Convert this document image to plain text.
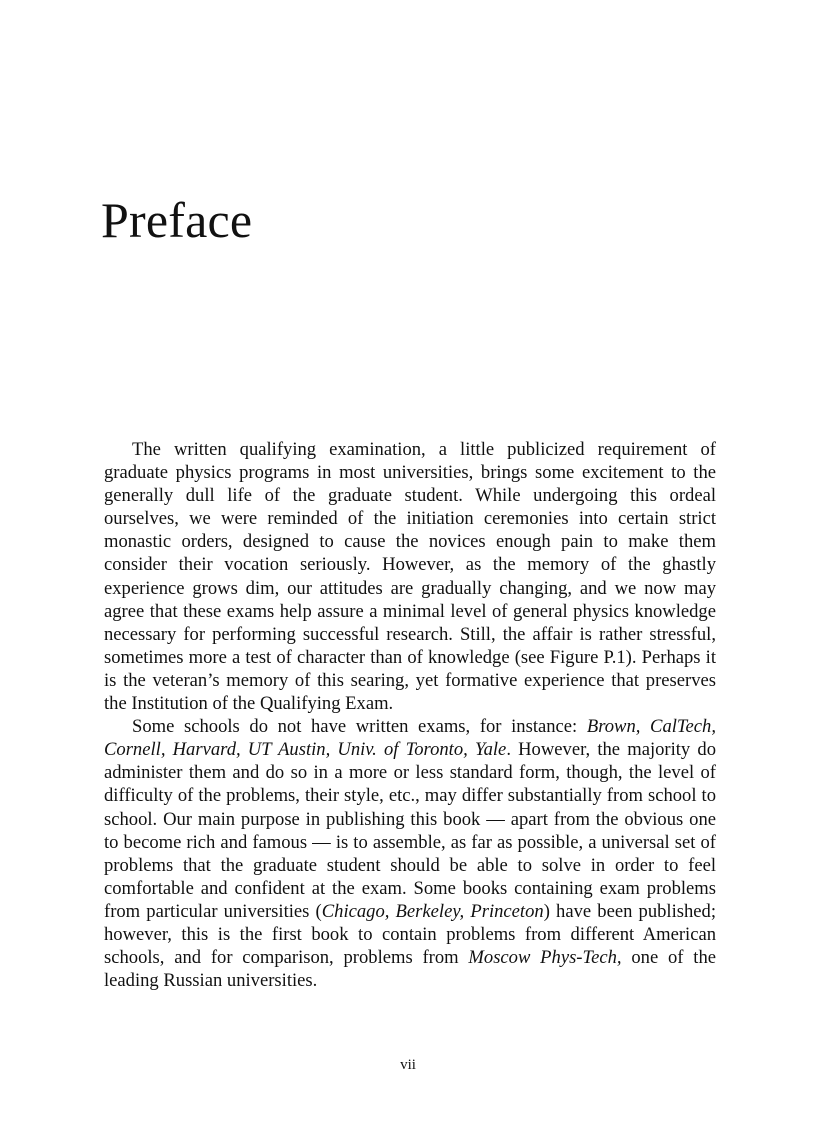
Preface

The written qualifying examination, a little publicized requirement of graduate physics programs in most universities, brings some excitement to the generally dull life of the graduate student. While undergoing this ordeal ourselves, we were reminded of the initiation ceremonies into certain strict monastic orders, designed to cause the novices enough pain to make them consider their vocation seriously. However, as the memory of the ghastly experience grows dim, our attitudes are gradually changing, and we now may agree that these exams help assure a minimal level of general physics knowledge necessary for performing successful research. Still, the affair is rather stressful, sometimes more a test of character than of knowledge (see Figure P.1). Perhaps it is the veteran’s memory of this searing, yet formative experience that preserves the Institution of the Qualifying Exam.

Some schools do not have written exams, for instance: Brown, CalTech, Cornell, Harvard, UT Austin, Univ. of Toronto, Yale. However, the majority do administer them and do so in a more or less standard form, though, the level of difficulty of the problems, their style, etc., may differ substantially from school to school. Our main purpose in publishing this book — apart from the obvious one to become rich and famous — is to assemble, as far as possible, a universal set of problems that the graduate student should be able to solve in order to feel comfortable and confident at the exam. Some books containing exam problems from particular universities (Chicago, Berkeley, Princeton) have been published; however, this is the first book to contain problems from different American schools, and for comparison, problems from Moscow Phys-Tech, one of the leading Russian universities.

vii
